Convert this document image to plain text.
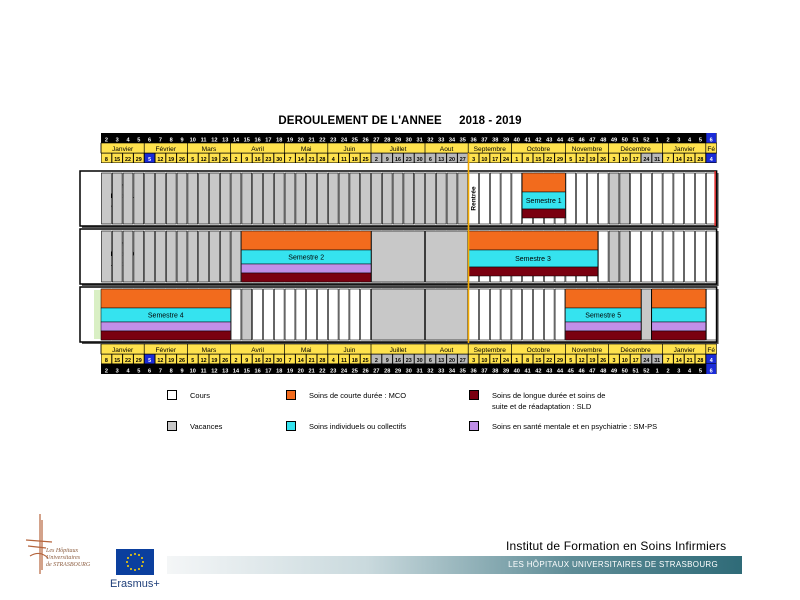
DEROULEMENT DE L'ANNEE 2018 - 2019
2 3 4 5 6 7 8 9 10 11 12 13 14 15 16 17 18 19 20 21 22 23 24 25 26 27 28 29 30 31 32 33 34 35 36 37 38 39 40 41 42 43 44 45 46 47 48 49 50 51 52 1 2 3 4 5 6
Janvier	Février	Mars	Avril	Mai	Juin	Juillet	Aout	Septembre	Octobre	Novembre	Décembre	Janvier Fé
8 15 22 29 5 12 19 26 5 12 19 26 2 9 16 23 30 7 14 21 28 4 11 18 25 2 9 16 23 30 6 13 20 27 3 10 17 24 1 8 15 22 29 5 12 19 26 3 10 17 24 31 7 14 21 28 4
Semestre 1
Rentrée
Semestre 2	Semestre 3
Semestre 4	Semestre 5
Janvier	Février	Mars	Avril	Mai	Juin	Juillet	Aout	Septembre	Octobre	Novembre	Décembre	Janvier Fé
8 15 22 29 5 12 19 26 5 12 19 26 2 9 16 23 30 7 14 21 28 4 11 18 25 2 9 16 23 30 6 13 20 27 3 10 17 24 1 8 15 22 29 5 12 19 26 3 10 17 24 31 7 14 21 28 4
2 3 4 5 6 7 8 9 10 11 12 13 14 15 16 17 18 19 20 21 22 23 24 25 26 27 28 29 30 31 32 33 34 35 36 37 38 39 40 41 42 43 44 45 46 47 48 49 50 51 52 1 2 3 4 5 6
Cours
Vacances
Soins de courte durée : MCO
Soins individuels ou collectifs
Soins de longue durée et soins de
suite et de réadaptation : SLD
Soins en santé mentale et en psychiatrie : SM-PS
Institut de Formation en Soins Infirmiers
LES HÔPITAUX UNIVERSITAIRES DE STRASBOURG
Les Hôpitaux
Universitaires
de STRASBOURG
Erasmus+
